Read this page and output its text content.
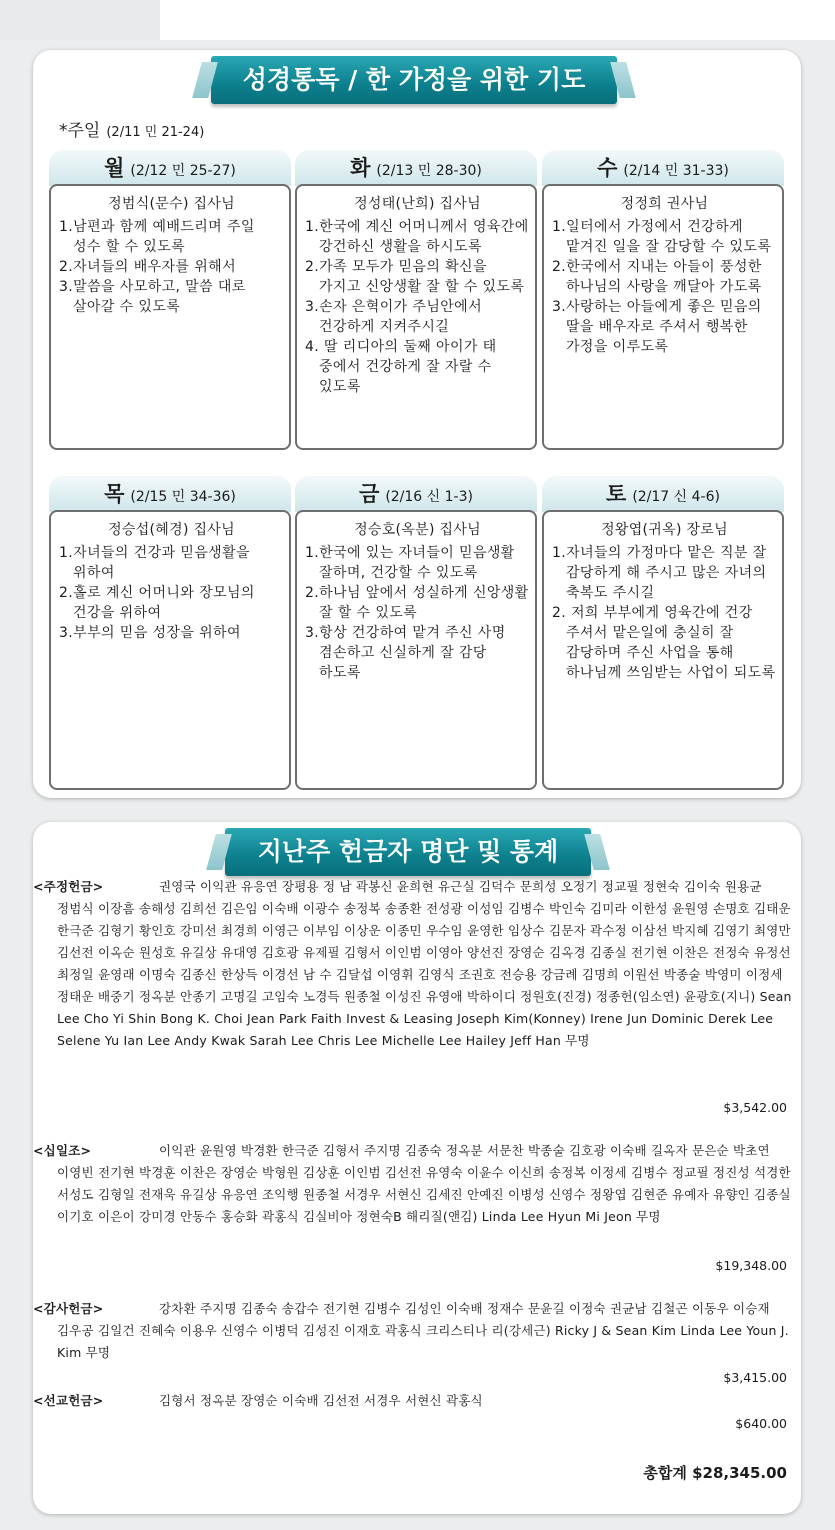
성경통독 / 한 가정을 위한 기도
*주일 (2/11 민 21-24)
월 (2/12 민 25-27)
정범식(문수) 집사님
1.남편과 함께 예배드리며 주일 성수 할 수 있도록
2.자녀들의 배우자를 위해서
3.말씀을 사모하고, 말씀 대로 살아갈 수 있도록
화 (2/13 민 28-30)
정성태(난희) 집사님
1.한국에 계신 어머니께서 영육간에 강건하신 생활을 하시도록
2.가족 모두가 믿음의 확신을 가지고 신앙생활 잘 할 수 있도록
3.손자 은혁이가 주님안에서 건강하게 지켜주시길
4. 딸 리디아의 둘째 아이가 태 중에서 건강하게 잘 자랄 수 있도록
수 (2/14 민 31-33)
정정희 권사님
1.일터에서 가정에서 건강하게 맡겨진 일을 잘 감당할 수 있도록
2.한국에서 지내는 아들이 풍성한 하나님의 사랑을 깨달아 가도록
3.사랑하는 아들에게 좋은 믿음의 딸을 배우자로 주셔서 행복한 가정을 이루도록
목 (2/15 민 34-36)
정승섭(혜경) 집사님
1.자녀들의 건강과 믿음생활을 위하여
2.홀로 계신 어머니와 장모님의 건강을 위하여
3.부부의 믿음 성장을 위하여
금 (2/16 신 1-3)
정승호(옥분) 집사님
1.한국에 있는 자녀들이 믿음생활 잘하며, 건강할 수 있도록
2.하나님 앞에서 성실하게 신앙생활 잘 할 수 있도록
3.항상 건강하여 맡겨 주신 사명 겸손하고 신실하게 잘 감당 하도록
토 (2/17 신 4-6)
정왕엽(귀옥) 장로님
1.자녀들의 가정마다 맡은 직분 잘 감당하게 해 주시고 많은 자녀의 축복도 주시길
2. 저희 부부에게 영육간에 건강 주셔서 맡은일에 충실히 잘 감당하며 주신 사업을 통해 하나님께 쓰임받는 사업이 되도록
지난주 헌금자 명단 및 통계
<주정헌금>	권영국 이익관 유응연 장평용 정 남 곽봉신 윤희현 유근실 김덕수 문희성 오정기 정교필 정현숙 김이숙 원용균 정범식 이장흠 송해성 김희선 김은임 이숙배 이광수 송정복 송종환 전성광 이성임 김병수 박인숙 김미라 이한성 윤원영 손명호 김태운 한극준 김형기 황인호 강미선 최경희 이영근 이부임 이상운 이종민 우수임 윤영한 임상수 김문자 곽수정 이삼선 박지혜 김영기 최영만 김선전 이옥순 원성호 유길상 유대영 김호광 유제필 김형서 이인범 이영아 양선진 장영순 김옥경 김종실 전기현 이찬은 전정숙 유정선 최정일 윤영래 이명숙 김종신 한상득 이경선 남 수 김달섭 이영휘 김영식 조권호 전승용 강금례 김명희 이원선 박종술 박영미 이정세 정태운 배중기 정옥분 안종기 고명길 고임숙 노경득 원종철 이성진 유영애 박하이디 정원호(진경) 정종헌(임소연) 윤광호(지니) Sean Lee Cho Yi Shin Bong K. Choi Jean Park Faith Invest & Leasing Joseph Kim(Konney) Irene Jun Dominic Derek Lee Selene Yu Ian Lee Andy Kwak Sarah Lee Chris Lee Michelle Lee Hailey Jeff Han 무명
$3,542.00
<십일조>	이익관 윤원영 박경환 한극준 김형서 주지명 김종숙 정옥분 서문찬 박종술 김호광 이숙배 길옥자 문은순 박초연 이영빈 전기현 박경훈 이찬은 장영순 박형원 김상훈 이인범 김선전 유영숙 이윤수 이신희 송정복 이정세 김병수 정교필 정진성 석경한 서성도 김형일 전재욱 유길상 유응연 조익행 원종철 서경우 서현신 김세진 안예진 이병성 신영수 정왕엽 김현준 유예자 유향인 김종실 이기호 이은이 강미경 안동수 홍승화 곽홍식 김실비아 정현숙B 해리질(앤김) Linda Lee Hyun Mi Jeon 무명
$19,348.00
<감사헌금>	강차환 주지명 김종숙 송갑수 전기현 김병수 김성인 이숙배 정재수 문윤길 이정숙 권균남 김철곤 이동우 이승재 김우공 김일건 진혜숙 이용우 신영수 이병덕 김성진 이재호 곽홍식 크리스티나 리(강세근) Ricky J & Sean Kim Linda Lee Youn J. Kim 무명
$3,415.00
<선교헌금>	김형서 정옥분 장영순 이숙배 김선전 서경우 서현신 곽홍식
$640.00
총합계 $28,345.00
